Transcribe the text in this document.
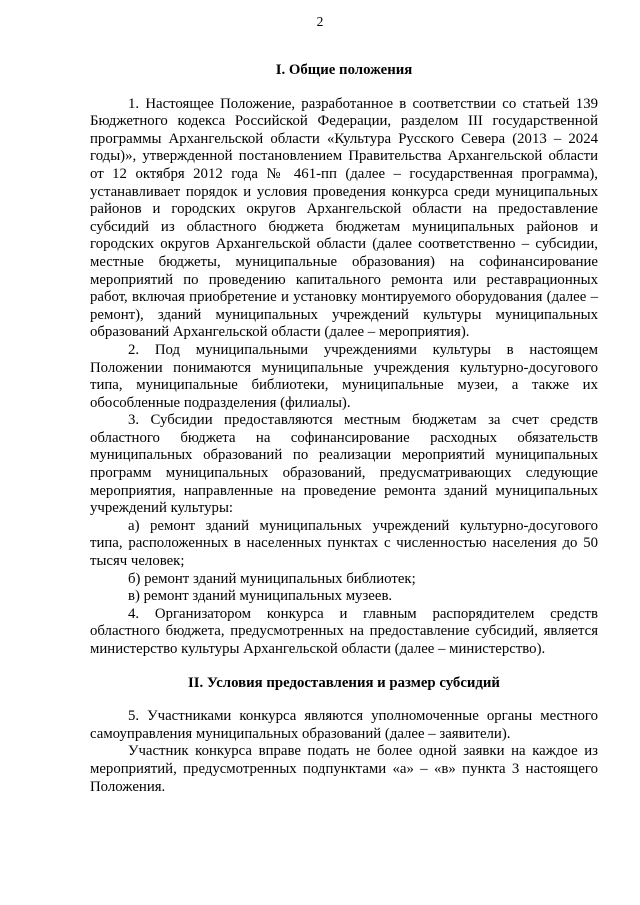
2
I. Общие положения

1. Настоящее Положение, разработанное в соответствии со статьей 139 Бюджетного кодекса Российской Федерации, разделом III государственной программы Архангельской области «Культура Русского Севера (2013 – 2024 годы)», утвержденной постановлением Правительства Архангельской области от 12 октября 2012 года № 461-пп (далее – государственная программа), устанавливает порядок и условия проведения конкурса среди муниципальных районов и городских округов Архангельской области на предоставление субсидий из областного бюджета бюджетам муниципальных районов и городских округов Архангельской области (далее соответственно – субсидии, местные бюджеты, муниципальные образования) на софинансирование мероприятий по проведению капитального ремонта или реставрационных работ, включая приобретение и установку монтируемого оборудования (далее – ремонт), зданий муниципальных учреждений культуры муниципальных образований Архангельской области (далее – мероприятия).

2. Под муниципальными учреждениями культуры в настоящем Положении понимаются муниципальные учреждения культурно-досугового типа, муниципальные библиотеки, муниципальные музеи, а также их обособленные подразделения (филиалы).

3. Субсидии предоставляются местным бюджетам за счет средств областного бюджета на софинансирование расходных обязательств муниципальных образований по реализации мероприятий муниципальных программ муниципальных образований, предусматривающих следующие мероприятия, направленные на проведение ремонта зданий муниципальных учреждений культуры:

а) ремонт зданий муниципальных учреждений культурно-досугового типа, расположенных в населенных пунктах с численностью населения до 50 тысяч человек;

б) ремонт зданий муниципальных библиотек;

в) ремонт зданий муниципальных музеев.

4. Организатором конкурса и главным распорядителем средств областного бюджета, предусмотренных на предоставление субсидий, является министерство культуры Архангельской области (далее – министерство).

II. Условия предоставления и размер субсидий

5. Участниками конкурса являются уполномоченные органы местного самоуправления муниципальных образований (далее – заявители).

Участник конкурса вправе подать не более одной заявки на каждое из мероприятий, предусмотренных подпунктами «а» – «в» пункта 3 настоящего Положения.
